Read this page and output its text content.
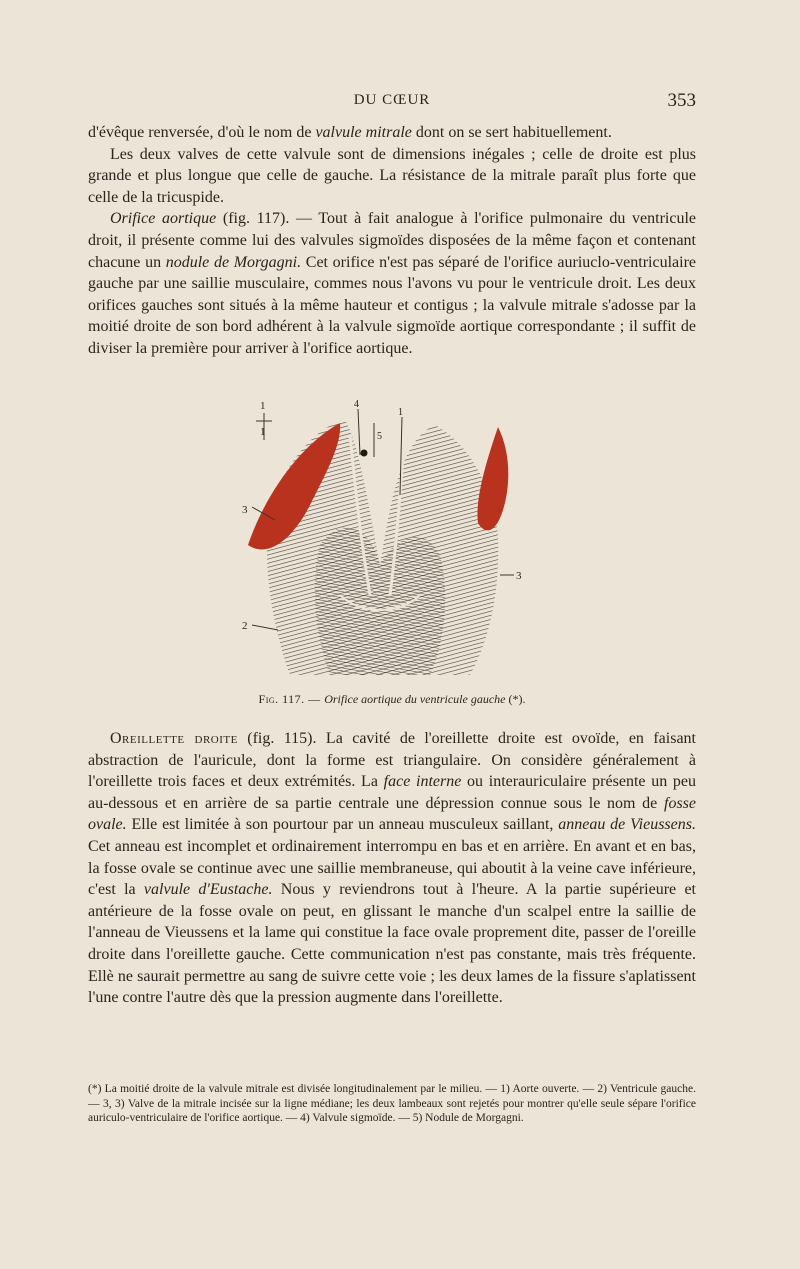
DU CŒUR	353

d'évêque renversée, d'où le nom de valvule mitrale dont on se sert habituellement.

Les deux valves de cette valvule sont de dimensions inégales ; celle de droite est plus grande et plus longue que celle de gauche. La résistance de la mitrale paraît plus forte que celle de la tricuspide.

Orifice aortique (fig. 117). — Tout à fait analogue à l'orifice pulmonaire du ventricule droit, il présente comme lui des valvules sigmoïdes disposées de la même façon et contenant chacune un nodule de Morgagni. Cet orifice n'est pas séparé de l'orifice auriuclo-ventriculaire gauche par une saillie musculaire, commes nous l'avons vu pour le ventricule droit. Les deux orifices gauches sont situés à la même hauteur et contigus ; la valvule mitrale s'adosse par la moitié droite de son bord adhérent à la valvule sigmoïde aortique correspondante ; il suffit de diviser la première pour arriver à l'orifice aortique.

1
1
4
5
1
3
3
2
Fig. 117. — Orifice aortique du ventricule gauche (*).

Oreillette droite (fig. 115). La cavité de l'oreillette droite est ovoïde, en faisant abstraction de l'auricule, dont la forme est triangulaire. On considère généralement à l'oreillette trois faces et deux extrémités. La face interne ou interauriculaire présente un peu au-dessous et en arrière de sa partie centrale une dépression connue sous le nom de fosse ovale. Elle est limitée à son pourtour par un anneau musculeux saillant, anneau de Vieussens. Cet anneau est incomplet et ordinairement interrompu en bas et en arrière. En avant et en bas, la fosse ovale se continue avec une saillie membraneuse, qui aboutit à la veine cave inférieure, c'est la valvule d'Eustache. Nous y reviendrons tout à l'heure. A la partie supérieure et antérieure de la fosse ovale on peut, en glissant le manche d'un scalpel entre la saillie de l'anneau de Vieussens et la lame qui constitue la face ovale proprement dite, passer de l'oreille droite dans l'oreillette gauche. Cette communication n'est pas constante, mais très fréquente. Ellè ne saurait permettre au sang de suivre cette voie ; les deux lames de la fissure s'aplatissent l'une contre l'autre dès que la pression augmente dans l'oreillette.

(*) La moitié droite de la valvule mitrale est divisée longitudinalement par le milieu. — 1) Aorte ouverte. — 2) Ventricule gauche. — 3, 3) Valve de la mitrale incisée sur la ligne médiane; les deux lambeaux sont rejetés pour montrer qu'elle seule sépare l'orifice auriculo-ventriculaire de l'orifice aortique. — 4) Valvule sigmoïde. — 5) Nodule de Morgagni.
